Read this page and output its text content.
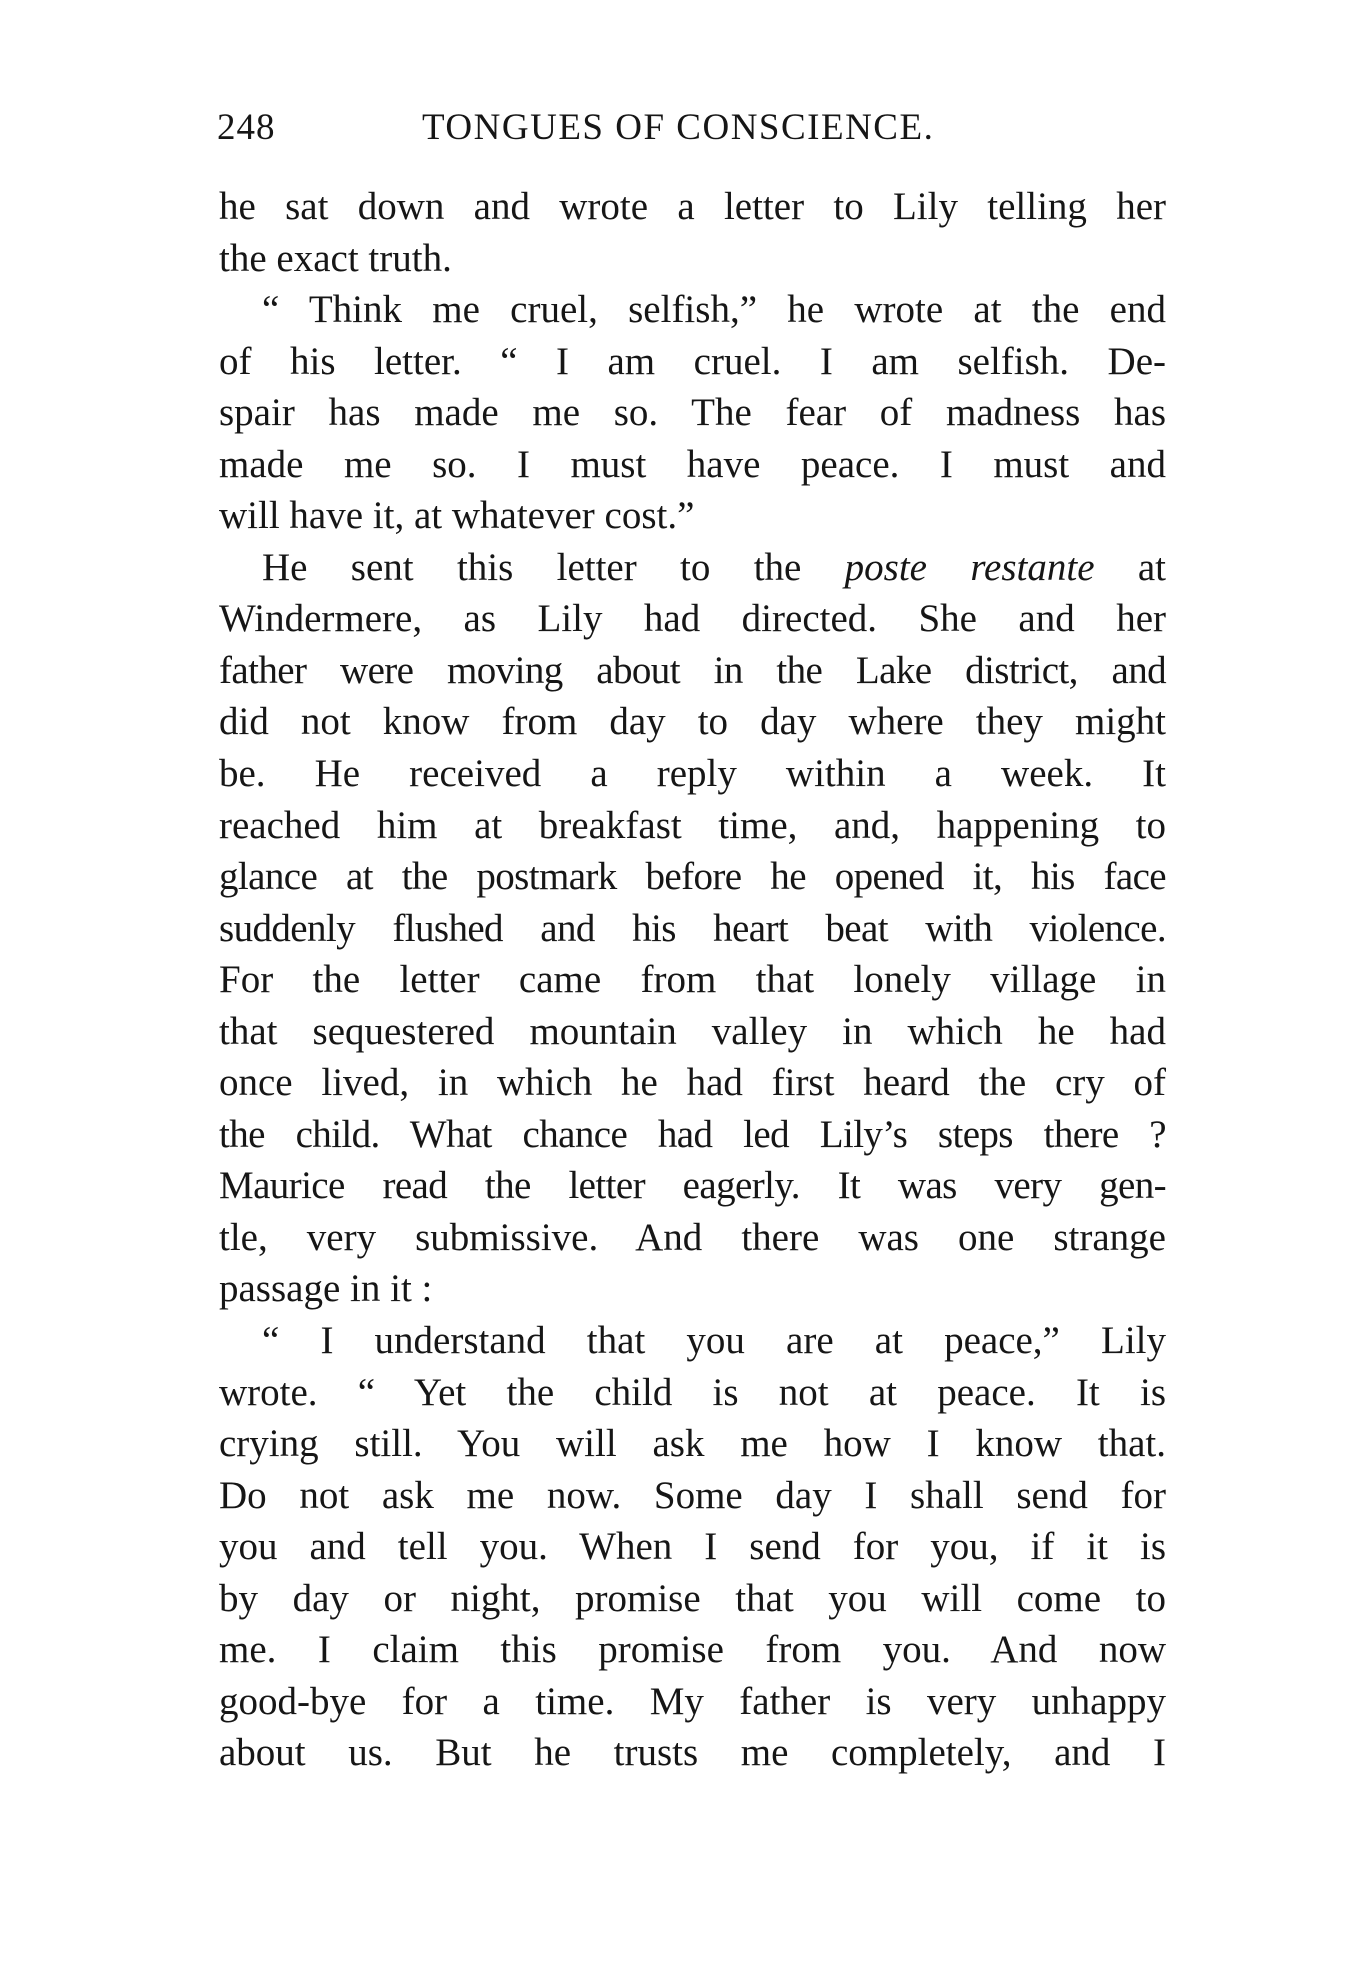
248	TONGUES OF CONSCIENCE.
he sat down and wrote a letter to Lily telling her
the exact truth.
“ Think me cruel, selfish,” he wrote at the end
of his letter. “ I am cruel. I am selfish. De-
spair has made me so. The fear of madness has
made me so. I must have peace. I must and
will have it, at whatever cost.”
He sent this letter to the poste restante at
Windermere, as Lily had directed. She and her
father were moving about in the Lake district, and
did not know from day to day where they might
be. He received a reply within a week. It
reached him at breakfast time, and, happening to
glance at the postmark before he opened it, his face
suddenly flushed and his heart beat with violence.
For the letter came from that lonely village in
that sequestered mountain valley in which he had
once lived, in which he had first heard the cry of
the child. What chance had led Lily’s steps there ?
Maurice read the letter eagerly. It was very gen-
tle, very submissive. And there was one strange
passage in it :
“ I understand that you are at peace,” Lily
wrote. “ Yet the child is not at peace. It is
crying still. You will ask me how I know that.
Do not ask me now. Some day I shall send for
you and tell you. When I send for you, if it is
by day or night, promise that you will come to
me. I claim this promise from you. And now
good-bye for a time. My father is very unhappy
about us. But he trusts me completely, and I
